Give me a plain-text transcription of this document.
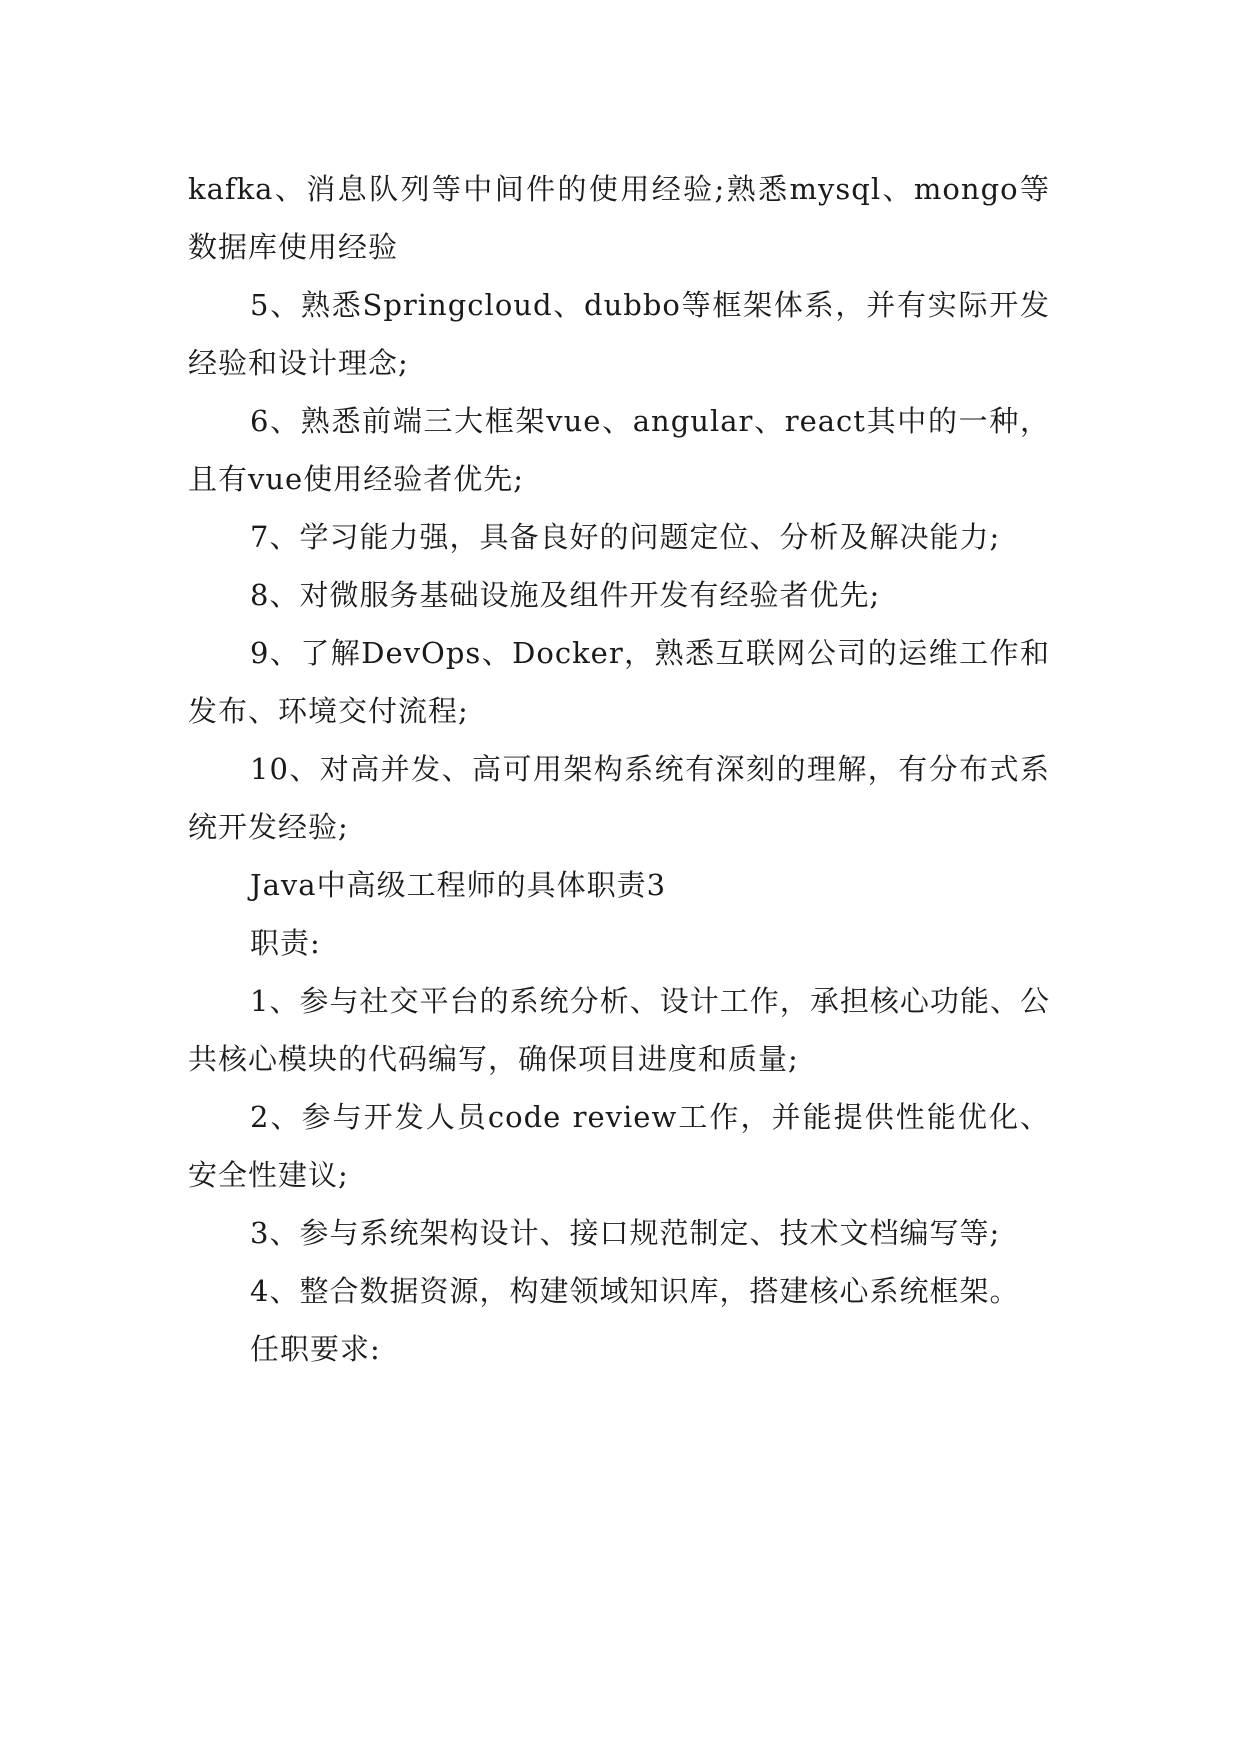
kafka、消息队列等中间件的使用经验;熟悉mysql、mongo等数据库使用经验

5、熟悉Springcloud、dubbo等框架体系，并有实际开发经验和设计理念;

6、熟悉前端三大框架vue、angular、react其中的一种，且有vue使用经验者优先;

7、学习能力强，具备良好的问题定位、分析及解决能力;

8、对微服务基础设施及组件开发有经验者优先;

9、了解DevOps、Docker，熟悉互联网公司的运维工作和发布、环境交付流程;

10、对高并发、高可用架构系统有深刻的理解，有分布式系统开发经验;

Java中高级工程师的具体职责3

职责:

1、参与社交平台的系统分析、设计工作，承担核心功能、公共核心模块的代码编写，确保项目进度和质量;

2、参与开发人员code review工作，并能提供性能优化、安全性建议;

3、参与系统架构设计、接口规范制定、技术文档编写等;

4、整合数据资源，构建领域知识库，搭建核心系统框架。

任职要求:
